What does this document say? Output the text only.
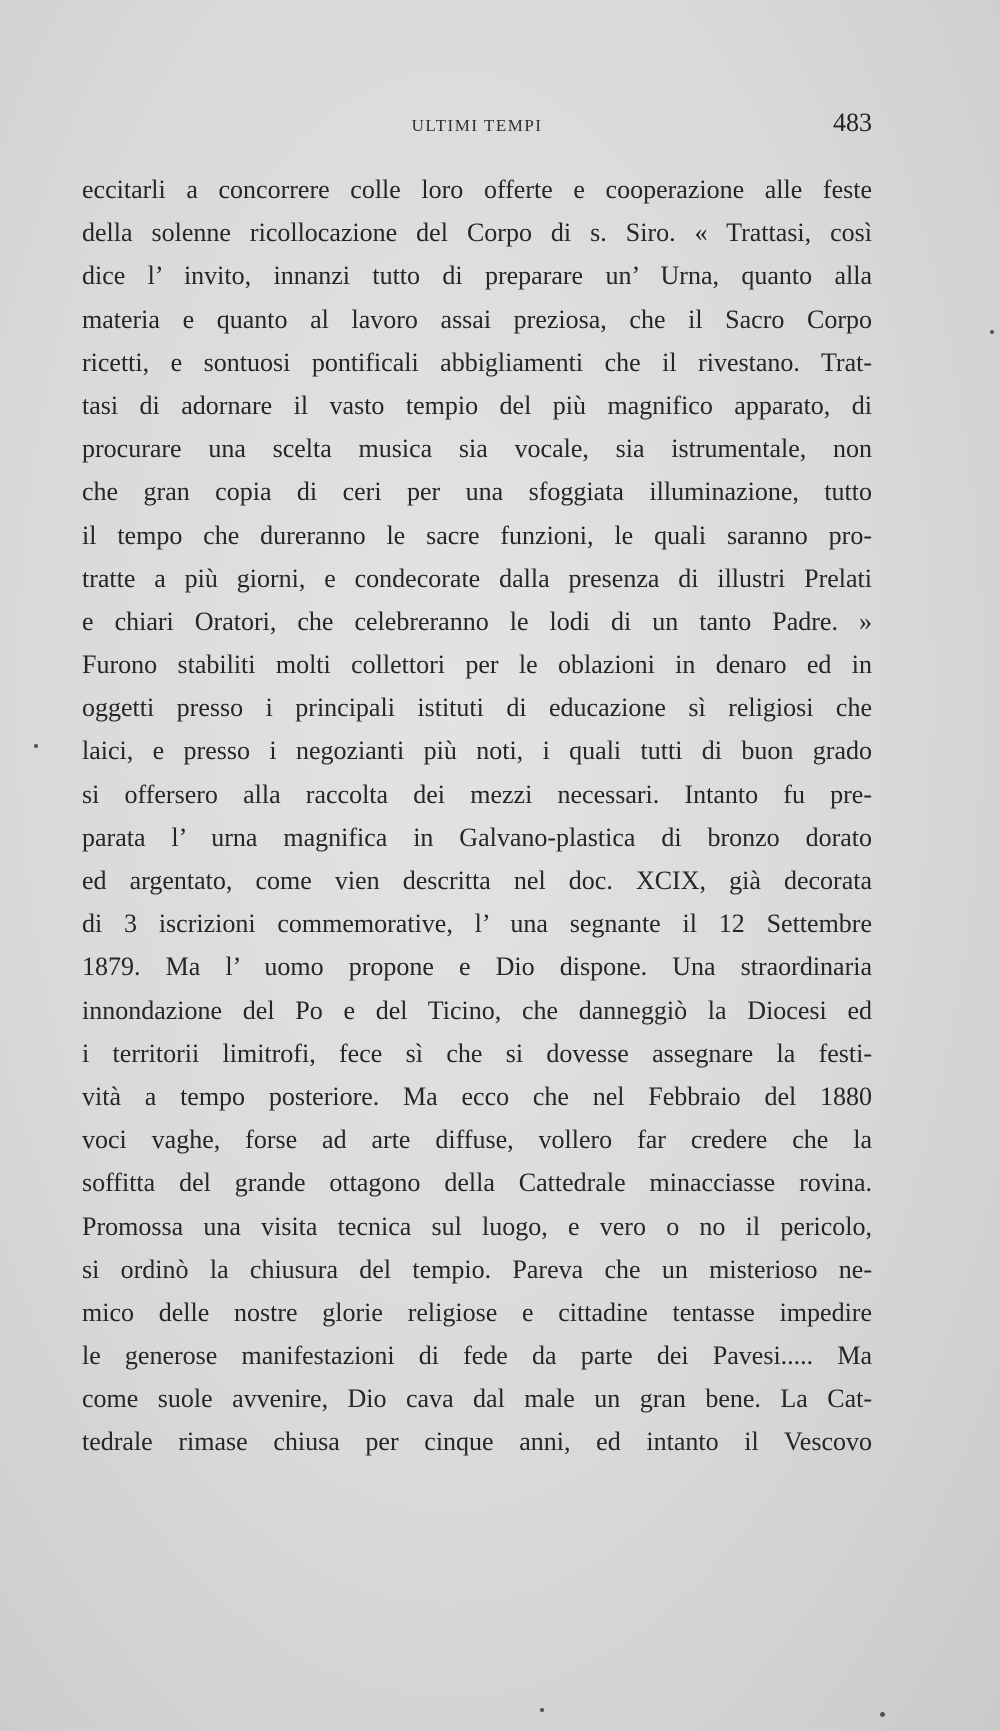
ULTIMI TEMPI	483
eccitarli a concorrere colle loro offerte e cooperazione alle feste
della solenne ricollocazione del Corpo di s. Siro. « Trattasi, così
dice l’ invito, innanzi tutto di preparare un’ Urna, quanto alla
materia e quanto al lavoro assai preziosa, che il Sacro Corpo
ricetti, e sontuosi pontificali abbigliamenti che il rivestano. Trat-
tasi di adornare il vasto tempio del più magnifico apparato, di
procurare una scelta musica sia vocale, sia istrumentale, non
che gran copia di ceri per una sfoggiata illuminazione, tutto
il tempo che dureranno le sacre funzioni, le quali saranno pro-
tratte a più giorni, e condecorate dalla presenza di illustri Prelati
e chiari Oratori, che celebreranno le lodi di un tanto Padre. »
Furono stabiliti molti collettori per le oblazioni in denaro ed in
oggetti presso i principali istituti di educazione sì religiosi che
laici, e presso i negozianti più noti, i quali tutti di buon grado
si offersero alla raccolta dei mezzi necessari. Intanto fu pre-
parata l’ urna magnifica in Galvano-plastica di bronzo dorato
ed argentato, come vien descritta nel doc. XCIX, già decorata
di 3 iscrizioni commemorative, l’ una segnante il 12 Settembre
1879. Ma l’ uomo propone e Dio dispone. Una straordinaria
innondazione del Po e del Ticino, che danneggiò la Diocesi ed
i territorii limitrofi, fece sì che si dovesse assegnare la festi-
vità a tempo posteriore. Ma ecco che nel Febbraio del 1880
voci vaghe, forse ad arte diffuse, vollero far credere che la
soffitta del grande ottagono della Cattedrale minacciasse rovina.
Promossa una visita tecnica sul luogo, e vero o no il pericolo,
si ordinò la chiusura del tempio. Pareva che un misterioso ne-
mico delle nostre glorie religiose e cittadine tentasse impedire
le generose manifestazioni di fede da parte dei Pavesi..... Ma
come suole avvenire, Dio cava dal male un gran bene. La Cat-
tedrale rimase chiusa per cinque anni, ed intanto il Vescovo
